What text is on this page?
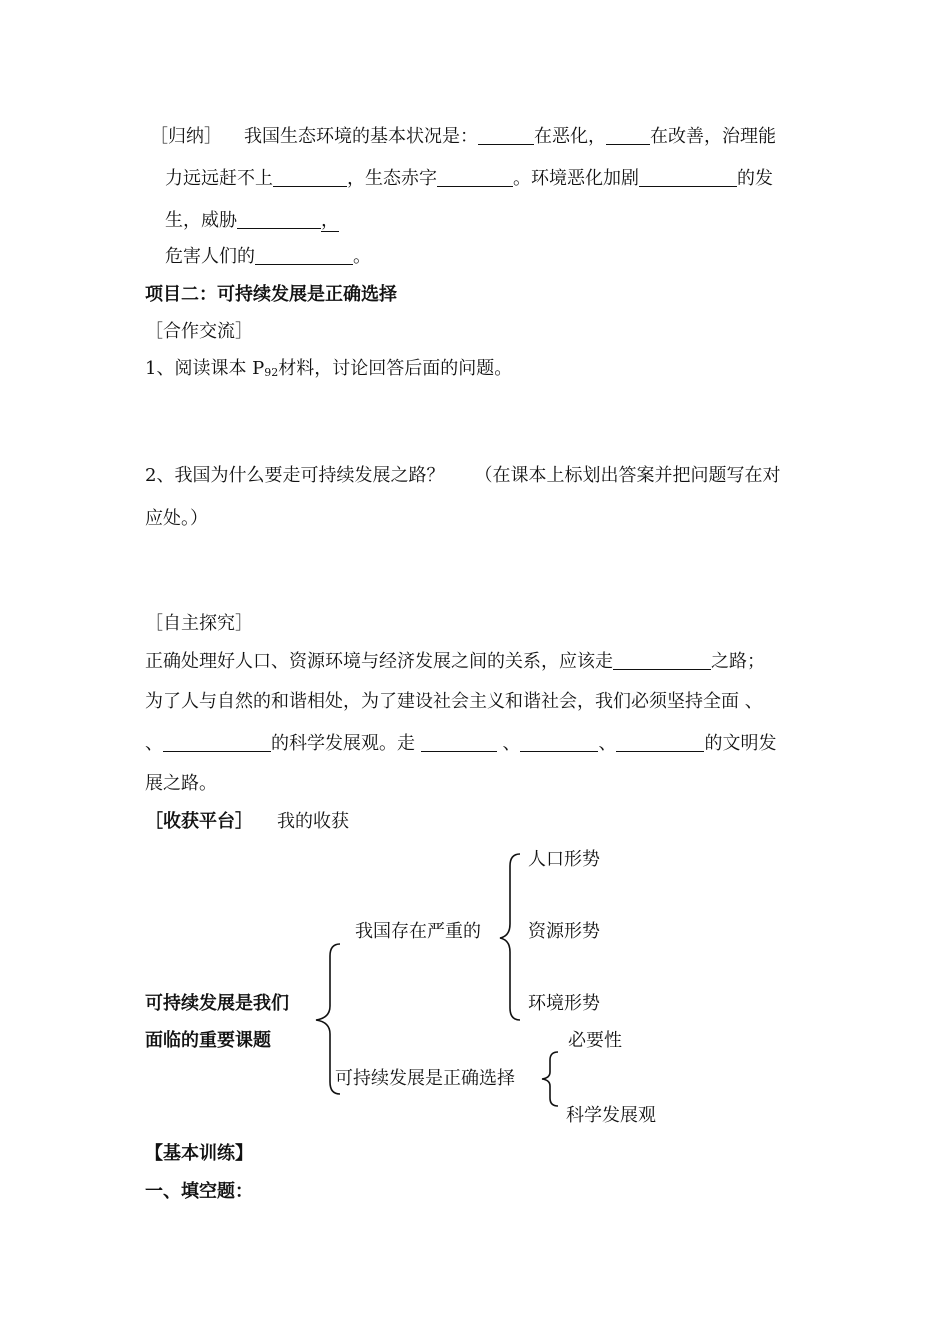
［归纳］ 我国生态环境的基本状况是：	在恶化， 在改善，治理能
力远远赶不上	，生态赤字	。环境恶化加剧	的发
生，威胁	，
危害人们的	。
项目二：可持续发展是正确选择
［合作交流］
1、阅读课本 $P_{92}$材料，讨论回答后面的问题。
2、我国为什么要走可持续发展之路？ （在课本上标划出答案并把问题写在对
应处。）
［自主探究］
正确处理好人口、资源环境与经济发展之间的关系，应该走	之路；
为了人与自然的和谐相处，为了建设社会主义和谐社会，我们必须坚持全面 、
、	的科学发展观。走	、	、	的文明发
展之路。
［收获平台］ 我的收获
可持续发展是我们
面临的重要课题
我国存在严重的
人口形势
资源形势
环境形势
可持续发展是正确选择
必要性
科学发展观
【基本训练】
一、填空题：
